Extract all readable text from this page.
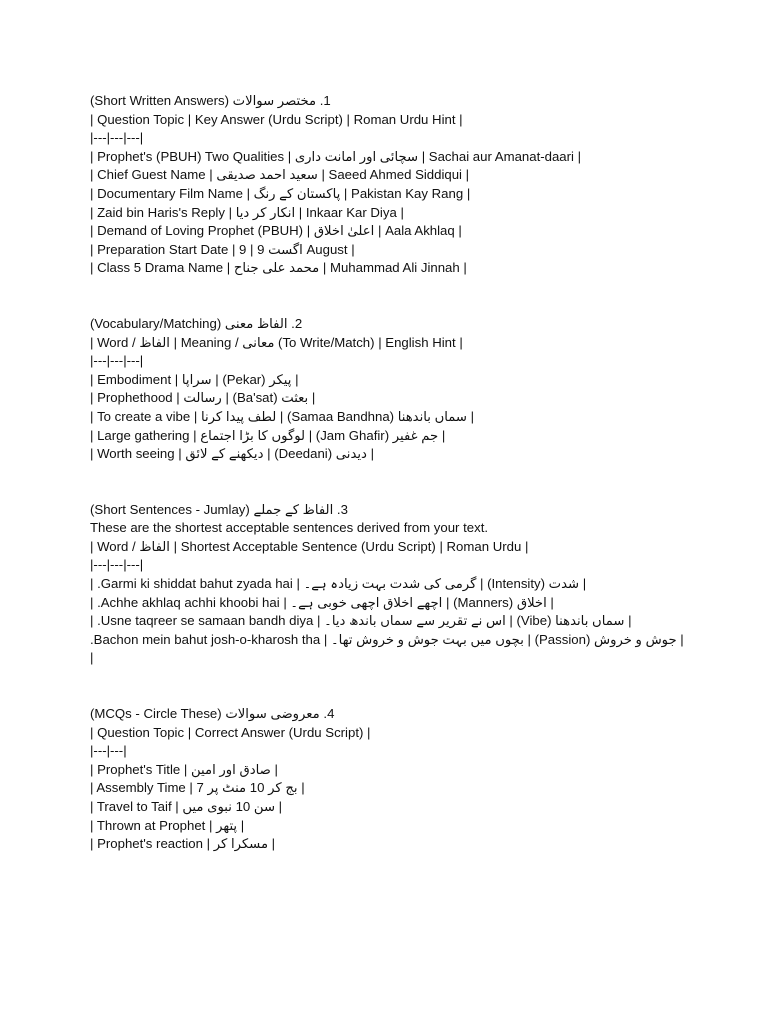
1. مختصر سوالات (Short Written Answers)
| Question Topic | Key Answer (Urdu Script) | Roman Urdu Hint |
|---|---|---|
| Prophet's (PBUH) Two Qualities | سچائی اور امانت داری | Sachai aur Amanat-daari |
| Chief Guest Name | سعید احمد صدیقی | Saeed Ahmed Siddiqui |
| Documentary Film Name | پاکستان کے رنگ | Pakistan Kay Rang |
| Zaid bin Haris's Reply | انکار کر دیا | Inkaar Kar Diya |
| Demand of Loving Prophet (PBUH) | اعلیٰ اخلاق | Aala Akhlaq |
| Preparation Start Date | 9 | 9 اگست August |
| Class 5 Drama Name | محمد علی جناح | Muhammad Ali Jinnah |
2. الفاظ معنی (Vocabulary/Matching)
| Word / الفاظ | Meaning / معانی (To Write/Match) | English Hint |
|---|---|---|
| پیکر (Pekar) | سراپا | Embodiment |
| بعثت (Ba'sat) | رسالت | Prophethood |
| سماں باندھنا (Samaa Bandhna) | لطف پیدا کرنا | To create a vibe |
| جم غفیر (Jam Ghafir) | لوگوں کا بڑا اجتماع | Large gathering |
| دیدنی (Deedani) | دیکھنے کے لائق | Worth seeing |
3. الفاظ کے جملے (Short Sentences - Jumlay)
These are the shortest acceptable sentences derived from your text.
| Word / الفاظ | Shortest Acceptable Sentence (Urdu Script) | Roman Urdu |
|---|---|---|
| شدت (Intensity) | گرمی کی شدت بہت زیادہ ہے۔ | Garmi ki shiddat bahut zyada hai. |
| اخلاق (Manners) | اچھے اخلاق اچھی خوبی ہے۔ | Achhe akhlaq achhi khoobi hai. |
| سماں باندھنا (Vibe) | اس نے تقریر سے سماں باندھ دیا۔ | Usne taqreer se samaan bandh diya. |
| جوش و خروش (Passion) | بچوں میں بہت جوش و خروش تھا۔ | Bachon mein bahut josh-o-kharosh tha. |
4. معروضی سوالات (MCQs - Circle These)
| Question Topic | Correct Answer (Urdu Script) |
|---|---|
| Prophet's Title | صادق اور امین |
| Assembly Time | 7 بج کر 10 منٹ پر |
| Travel to Taif | سن 10 نبوی میں |
| Thrown at Prophet | پتھر |
| Prophet's reaction | مسکرا کر |
